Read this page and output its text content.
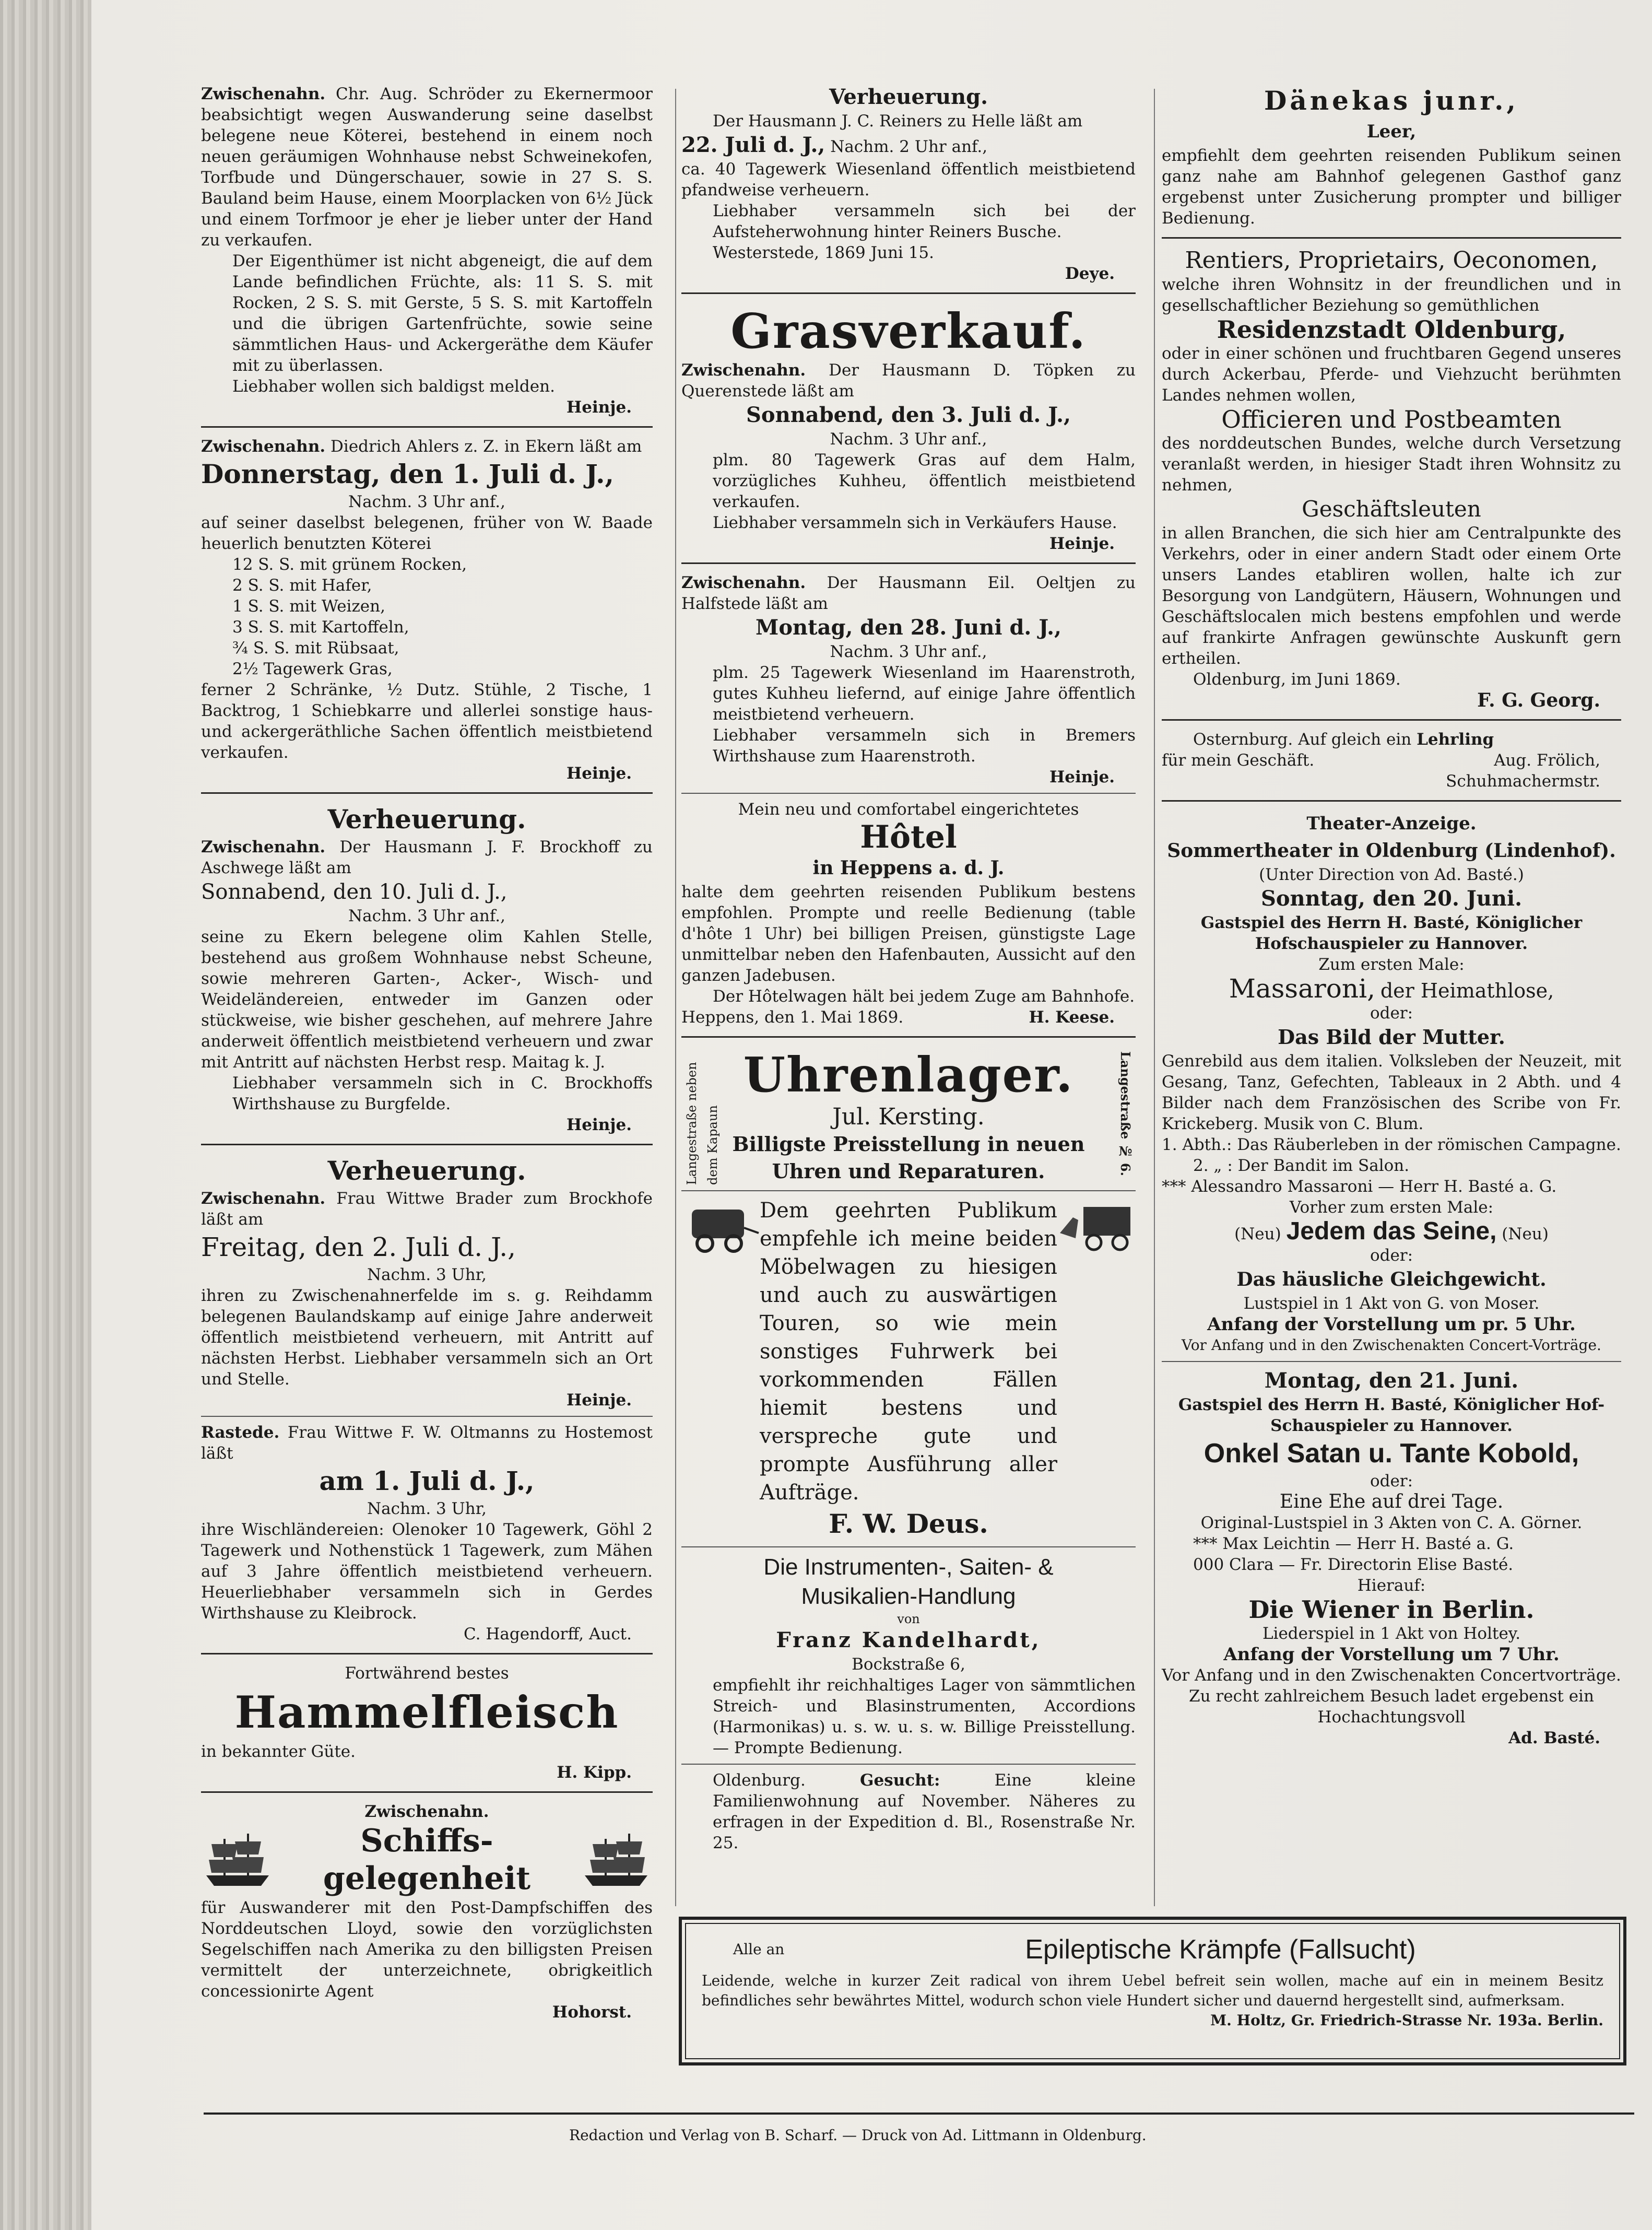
Zwischenahn. Chr. Aug. Schröder zu Ekernermoor beabsichtigt wegen Auswanderung seine daselbst belegene neue Köterei, bestehend in einem noch neuen geräumigen Wohnhause nebst Schweinekofen, Torfbude und Düngerschauer, sowie in 27 S. S. Bauland beim Hause, einem Moorplacken von 6½ Jück und einem Torfmoor je eher je lieber unter der Hand zu verkaufen.

Der Eigenthümer ist nicht abgeneigt, die auf dem Lande befindlichen Früchte, als: 11 S. S. mit Rocken, 2 S. S. mit Gerste, 5 S. S. mit Kartoffeln und die übrigen Gartenfrüchte, sowie seine sämmtlichen Haus- und Ackergeräthe dem Käufer mit zu überlassen.

Liebhaber wollen sich baldigst melden.

Heinje.

Zwischenahn. Diedrich Ahlers z. Z. in Ekern läßt am

Donnerstag, den 1. Juli d. J.,

Nachm. 3 Uhr anf.,

auf seiner daselbst belegenen, früher von W. Baade heuerlich benutzten Köterei

12 S. S. mit grünem Rocken,

2 S. S. mit Hafer,

1 S. S. mit Weizen,

3 S. S. mit Kartoffeln,

¾ S. S. mit Rübsaat,

2½ Tagewerk Gras,

ferner 2 Schränke, ½ Dutz. Stühle, 2 Tische, 1 Backtrog, 1 Schiebkarre und allerlei sonstige haus- und ackergeräthliche Sachen öffentlich meistbietend verkaufen.

Heinje.

Verheuerung.

Zwischenahn. Der Hausmann J. F. Brockhoff zu Aschwege läßt am

Sonnabend, den 10. Juli d. J.,

Nachm. 3 Uhr anf.,

seine zu Ekern belegene olim Kahlen Stelle, bestehend aus großem Wohnhause nebst Scheune, sowie mehreren Garten-, Acker-, Wisch- und Weideländereien, entweder im Ganzen oder stückweise, wie bisher geschehen, auf mehrere Jahre anderweit öffentlich meistbietend verheuern und zwar mit Antritt auf nächsten Herbst resp. Maitag k. J.

Liebhaber versammeln sich in C. Brockhoffs Wirthshause zu Burgfelde.

Heinje.

Verheuerung.

Zwischenahn. Frau Wittwe Brader zum Brockhofe läßt am

Freitag, den 2. Juli d. J.,

Nachm. 3 Uhr,

ihren zu Zwischenahnerfelde im s. g. Reihdamm belegenen Baulandskamp auf einige Jahre anderweit öffentlich meistbietend verheuern, mit Antritt auf nächsten Herbst. Liebhaber versammeln sich an Ort und Stelle.

Heinje.

Rastede. Frau Wittwe F. W. Oltmanns zu Hostemost läßt

am 1. Juli d. J.,

Nachm. 3 Uhr,

ihre Wischländereien: Olenoker 10 Tagewerk, Göhl 2 Tagewerk und Nothenstück 1 Tagewerk, zum Mähen auf 3 Jahre öffentlich meistbietend verheuern. Heuerliebhaber versammeln sich in Gerdes Wirthshause zu Kleibrock.

C. Hagendorff, Auct.

Fortwährend bestes

Hammelfleisch

in bekannter Güte.

H. Kipp.

Zwischenahn.

Schiffs-

gelegenheit

für Auswanderer mit den Post-Dampfschiffen des Norddeutschen Lloyd, sowie den vorzüglichsten Segelschiffen nach Amerika zu den billigsten Preisen vermittelt der unterzeichnete, obrigkeitlich concessionirte Agent

Hohorst.

Verheuerung.

Der Hausmann J. C. Reiners zu Helle läßt am

22. Juli d. J., Nachm. 2 Uhr anf.,

ca. 40 Tagewerk Wiesenland öffentlich meistbietend pfandweise verheuern.

Liebhaber versammeln sich bei der Aufsteherwohnung hinter Reiners Busche.

Westerstede, 1869 Juni 15.

Deye.

Grasverkauf.

Zwischenahn. Der Hausmann D. Töpken zu Querenstede läßt am

Sonnabend, den 3. Juli d. J.,

Nachm. 3 Uhr anf.,

plm. 80 Tagewerk Gras auf dem Halm, vorzügliches Kuhheu, öffentlich meistbietend verkaufen.

Liebhaber versammeln sich in Verkäufers Hause.

Heinje.

Zwischenahn. Der Hausmann Eil. Oeltjen zu Halfstede läßt am

Montag, den 28. Juni d. J.,

Nachm. 3 Uhr anf.,

plm. 25 Tagewerk Wiesenland im Haarenstroth, gutes Kuhheu liefernd, auf einige Jahre öffentlich meistbietend verheuern.

Liebhaber versammeln sich in Bremers Wirthshause zum Haarenstroth.

Heinje.

Mein neu und comfortabel eingerichtetes

Hôtel

in Heppens a. d. J.

halte dem geehrten reisenden Publikum bestens empfohlen. Prompte und reelle Bedienung (table d'hôte 1 Uhr) bei billigen Preisen, günstigste Lage unmittelbar neben den Hafenbauten, Aussicht auf den ganzen Jadebusen.

Der Hôtelwagen hält bei jedem Zuge am Bahnhofe.

Heppens, den 1. Mai 1869.	H. Keese.

Langestraße neben dem Kapaun	Langestraße № 6.

Uhrenlager.

Jul. Kersting.

Billigste Preisstellung in neuen Uhren und Reparaturen.

Dem geehrten Publikum empfehle ich meine beiden Möbelwagen zu hiesigen und auch zu auswärtigen Touren, so wie mein sonstiges Fuhrwerk bei vorkommenden Fällen hiemit bestens und verspreche gute und prompte Ausführung aller Aufträge.

F. W. Deus.

Die Instrumenten-, Saiten- &

Musikalien-Handlung

von

Franz Kandelhardt,

Bockstraße 6,

empfiehlt ihr reichhaltiges Lager von sämmtlichen Streich- und Blasinstrumenten, Accordions (Harmonikas) u. s. w. u. s. w. Billige Preisstellung. — Prompte Bedienung.

Oldenburg.	Gesucht:	Eine kleine Familienwohnung auf November. Näheres zu erfragen in der Expedition d. Bl., Rosenstraße Nr. 25.

Dänekas junr.,

Leer,

empfiehlt dem geehrten reisenden Publikum seinen ganz nahe am Bahnhof gelegenen Gasthof ganz ergebenst unter Zusicherung prompter und billiger Bedienung.

Rentiers, Proprietairs, Oeconomen,

welche ihren Wohnsitz in der freundlichen und in gesellschaftlicher Beziehung so gemüthlichen

Residenzstadt Oldenburg,

oder in einer schönen und fruchtbaren Gegend unseres durch Ackerbau, Pferde- und Viehzucht berühmten Landes nehmen wollen,

Officieren und Postbeamten

des norddeutschen Bundes, welche durch Versetzung veranlaßt werden, in hiesiger Stadt ihren Wohnsitz zu nehmen,

Geschäftsleuten

in allen Branchen, die sich hier am Centralpunkte des Verkehrs, oder in einer andern Stadt oder einem Orte unsers Landes etabliren wollen, halte ich zur Besorgung von Landgütern, Häusern, Wohnungen und Geschäftslocalen mich bestens empfohlen und werde auf frankirte Anfragen gewünschte Auskunft gern ertheilen.

Oldenburg, im Juni 1869.

F. G. Georg.

Osternburg. Auf gleich ein Lehrling

für mein Geschäft.	Aug. Frölich,

Schuhmachermstr.

Theater-Anzeige.

Sommertheater in Oldenburg (Lindenhof).

(Unter Direction von Ad. Basté.)

Sonntag, den 20. Juni.

Gastspiel des Herrn H. Basté, Königlicher Hofschauspieler zu Hannover.

Zum ersten Male:

Massaroni, der Heimathlose,

oder:

Das Bild der Mutter.

Genrebild aus dem italien. Volksleben der Neuzeit, mit Gesang, Tanz, Gefechten, Tableaux in 2 Abth. und 4 Bilder nach dem Französischen des Scribe von Fr. Krickeberg. Musik von C. Blum.

1. Abth.: Das Räuberleben in der römischen Campagne.

2. „ : Der Bandit im Salon.

*** Alessandro Massaroni — Herr H. Basté a. G.

Vorher zum ersten Male:

(Neu) Jedem das Seine, (Neu)

oder:

Das häusliche Gleichgewicht.

Lustspiel in 1 Akt von G. von Moser.

Anfang der Vorstellung um pr. 5 Uhr.

Vor Anfang und in den Zwischenakten Concert-Vorträge.

Montag, den 21. Juni.

Gastspiel des Herrn H. Basté, Königlicher Hof-Schauspieler zu Hannover.

Onkel Satan u. Tante Kobold,

oder:

Eine Ehe auf drei Tage.

Original-Lustspiel in 3 Akten von C. A. Görner.

*** Max Leichtin — Herr H. Basté a. G.

000 Clara — Fr. Directorin Elise Basté.

Hierauf:

Die Wiener in Berlin.

Liederspiel in 1 Akt von Holtey.

Anfang der Vorstellung um 7 Uhr.

Vor Anfang und in den Zwischenakten Concertvorträge.

Zu recht zahlreichem Besuch ladet ergebenst ein

Hochachtungsvoll

Ad. Basté.

Alle an	Epileptische Krämpfe (Fallsucht)

Leidende, welche in kurzer Zeit radical von ihrem Uebel befreit sein wollen, mache auf ein in meinem Besitz befindliches sehr bewährtes Mittel, wodurch schon viele Hundert sicher und dauernd hergestellt sind, aufmerksam.

M. Holtz, Gr. Friedrich-Strasse Nr. 193a. Berlin.

Redaction und Verlag von B. Scharf. — Druck von Ad. Littmann in Oldenburg.
